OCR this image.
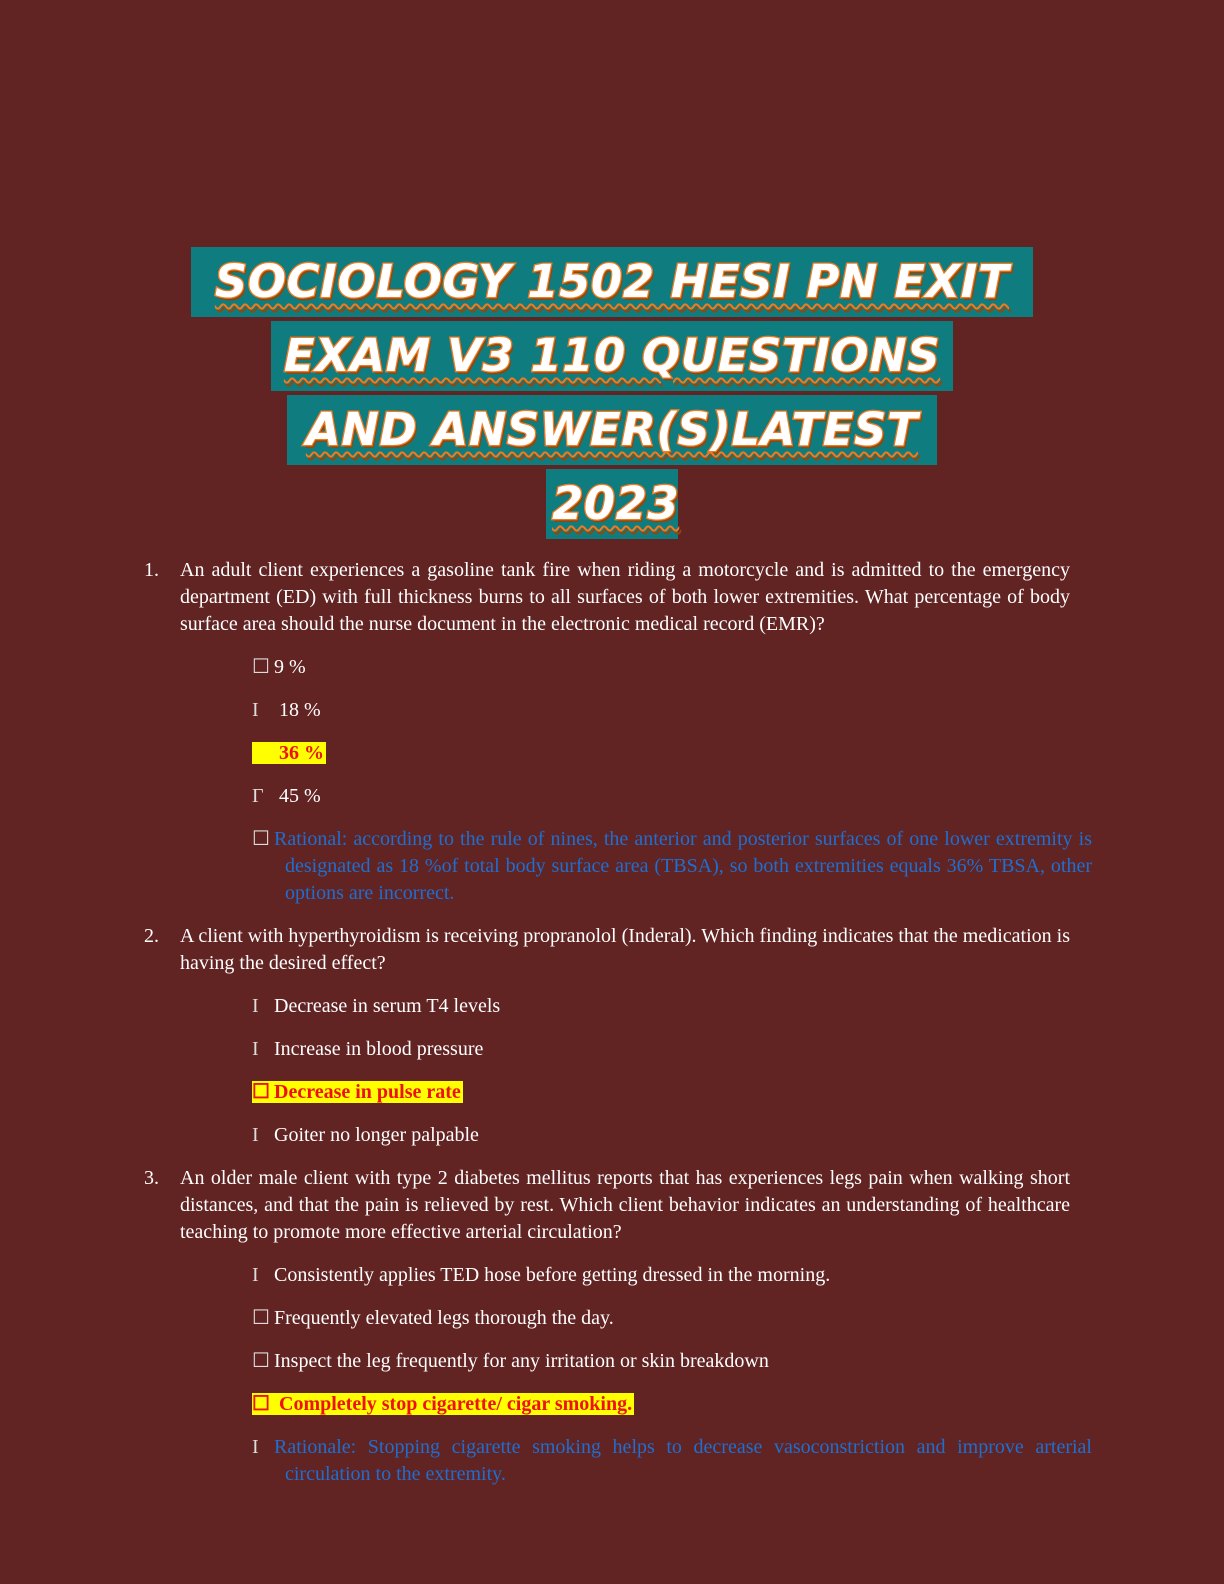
SOCIOLOGY 1502 HESI PN EXIT
EXAM V3 110 QUESTIONS
AND ANSWER(S)LATEST
2023
1. An adult client experiences a gasoline tank fire when riding a motorcycle and is admitted to the emergency department (ED) with full thickness burns to all surfaces of both lower extremities. What percentage of body surface area should the nurse document in the electronic medical record (EMR)?
☐ 9 %
I 18 %
36 %
Γ 45 %
☐ Rational: according to the rule of nines, the anterior and posterior surfaces of one lower extremity is designated as 18 %of total body surface area (TBSA), so both extremities equals 36% TBSA, other options are incorrect.
2. A client with hyperthyroidism is receiving propranolol (Inderal). Which finding indicates that the medication is having the desired effect?
I Decrease in serum T4 levels
I Increase in blood pressure
☐ Decrease in pulse rate
I Goiter no longer palpable
3. An older male client with type 2 diabetes mellitus reports that has experiences legs pain when walking short distances, and that the pain is relieved by rest. Which client behavior indicates an understanding of healthcare teaching to promote more effective arterial circulation?
I Consistently applies TED hose before getting dressed in the morning.
☐ Frequently elevated legs thorough the day.
☐ Inspect the leg frequently for any irritation or skin breakdown
☐ Completely stop cigarette/ cigar smoking.
I Rationale: Stopping cigarette smoking helps to decrease vasoconstriction and improve arterial circulation to the extremity.
